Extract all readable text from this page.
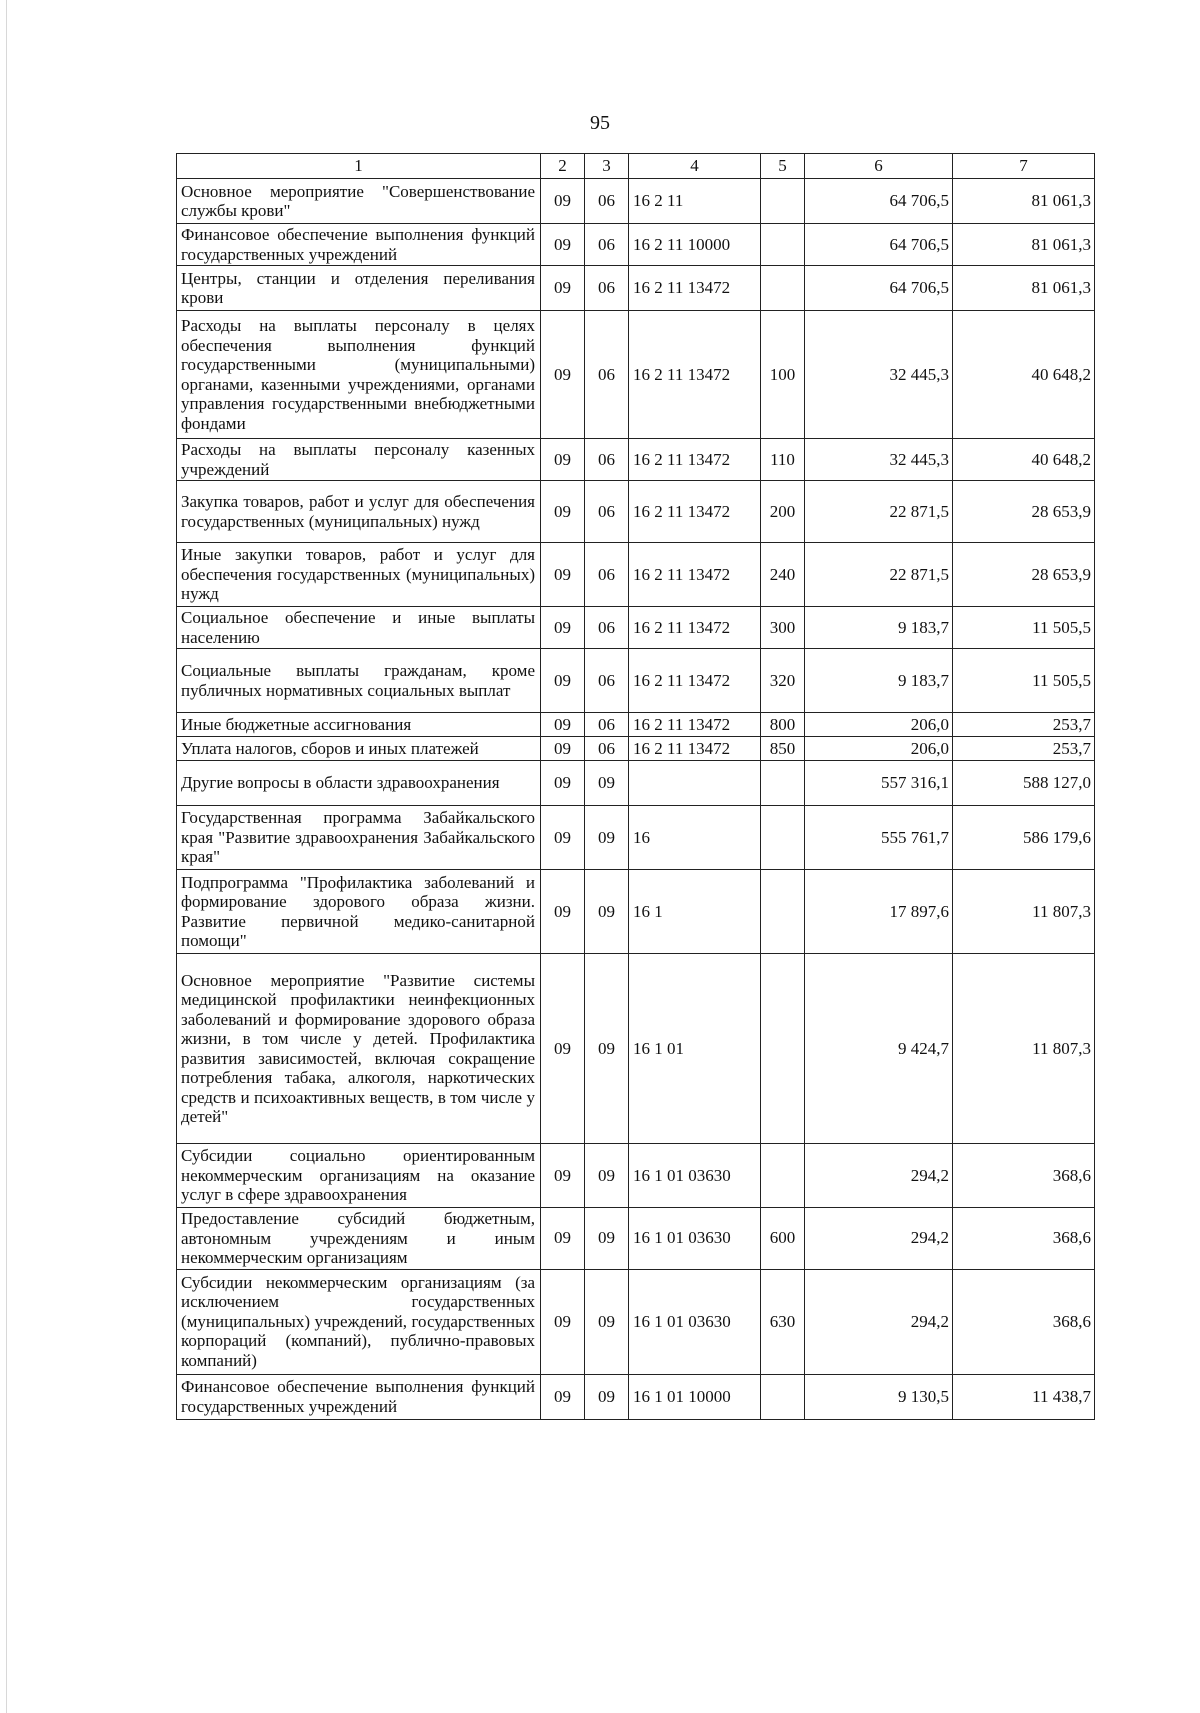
95
1	2	3	4	5	6	7
Основное мероприятие "Совершенствование службы крови"	09	06	16 2 11		64 706,5	81 061,3
Финансовое обеспечение выполнения функций государственных учреждений	09	06	16 2 11 10000		64 706,5	81 061,3
Центры, станции и отделения переливания крови	09	06	16 2 11 13472		64 706,5	81 061,3
Расходы на выплаты персоналу в целях обеспечения выполнения функций государственными (муниципальными) органами, казенными учреждениями, органами управления государственными внебюджетными фондами	09	06	16 2 11 13472	100	32 445,3	40 648,2
Расходы на выплаты персоналу казенных учреждений	09	06	16 2 11 13472	110	32 445,3	40 648,2
Закупка товаров, работ и услуг для обеспечения государственных (муниципальных) нужд	09	06	16 2 11 13472	200	22 871,5	28 653,9
Иные закупки товаров, работ и услуг для обеспечения государственных (муниципальных) нужд	09	06	16 2 11 13472	240	22 871,5	28 653,9
Социальное обеспечение и иные выплаты населению	09	06	16 2 11 13472	300	9 183,7	11 505,5
Социальные выплаты гражданам, кроме публичных нормативных социальных выплат	09	06	16 2 11 13472	320	9 183,7	11 505,5
Иные бюджетные ассигнования	09	06	16 2 11 13472	800	206,0	253,7
Уплата налогов, сборов и иных платежей	09	06	16 2 11 13472	850	206,0	253,7
Другие вопросы в области здравоохранения	09	09			557 316,1	588 127,0
Государственная программа Забайкальского края "Развитие здравоохранения Забайкальского края"	09	09	16		555 761,7	586 179,6
Подпрограмма "Профилактика заболеваний и формирование здорового образа жизни. Развитие первичной медико-санитарной помощи"	09	09	16 1		17 897,6	11 807,3
Основное мероприятие "Развитие системы медицинской профилактики неинфекционных заболеваний и формирование здорового образа жизни, в том числе у детей. Профилактика развития зависимостей, включая сокращение потребления табака, алкоголя, наркотических средств и психоактивных веществ, в том числе у детей"	09	09	16 1 01		9 424,7	11 807,3
Субсидии социально ориентированным некоммерческим организациям на оказание услуг в сфере здравоохранения	09	09	16 1 01 03630		294,2	368,6
Предоставление субсидий бюджетным, автономным учреждениям и иным некоммерческим организациям	09	09	16 1 01 03630	600	294,2	368,6
Субсидии некоммерческим организациям (за исключением государственных (муниципальных) учреждений, государственных корпораций (компаний), публично-правовых компаний)	09	09	16 1 01 03630	630	294,2	368,6
Финансовое обеспечение выполнения функций государственных учреждений	09	09	16 1 01 10000		9 130,5	11 438,7
